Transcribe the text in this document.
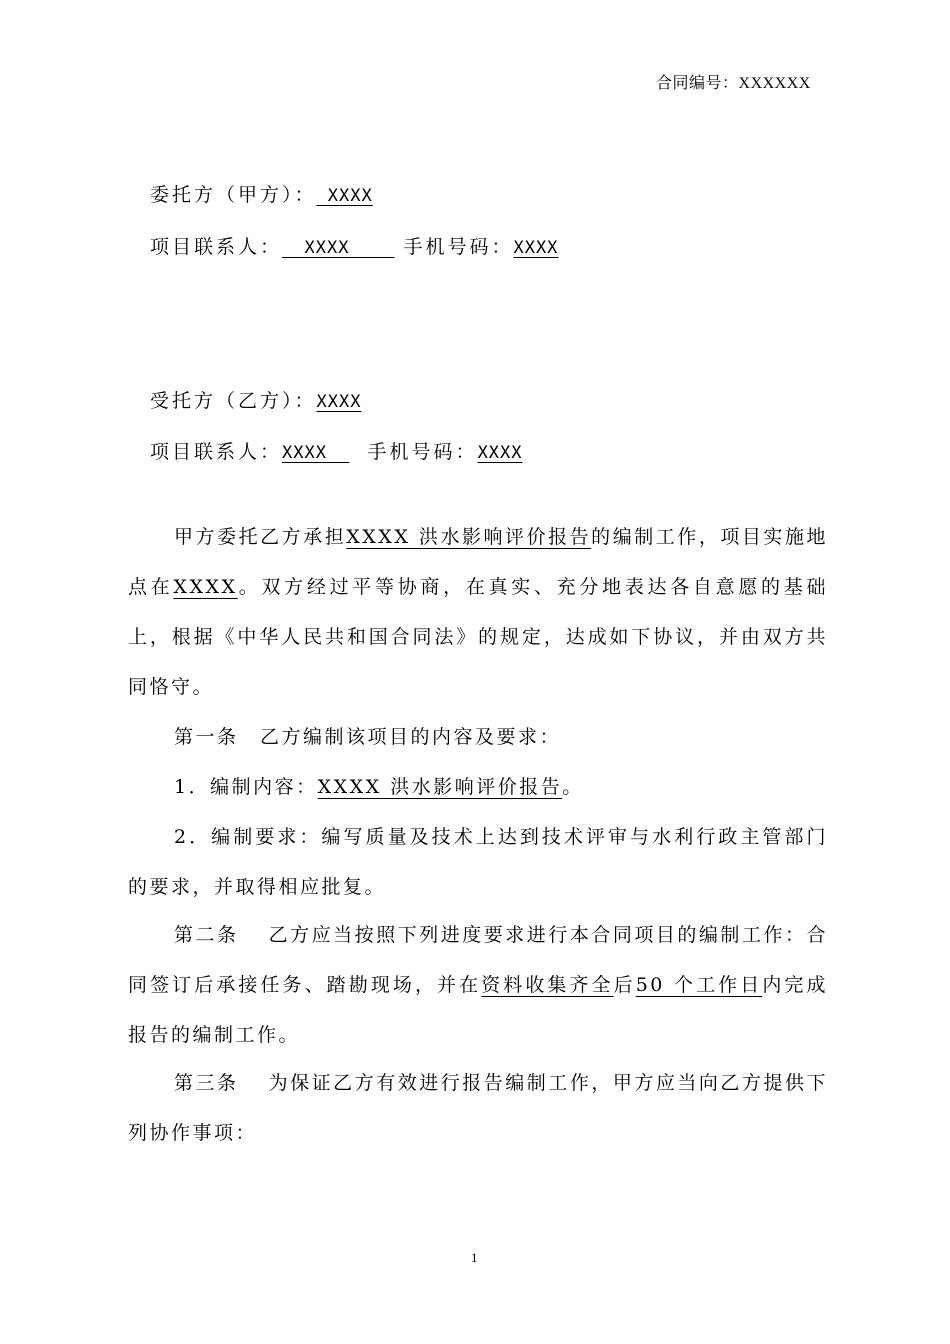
合同编号：XXXXXX
委托方（甲方）： XXXX
项目联系人： XXXX	手机号码：XXXX
受托方（乙方）：XXXX
项目联系人：XXXX 手机号码：XXXX
甲方委托乙方承担XXXX 洪水影响评价报告的编制工作，项目实施地点在XXXX。双方经过平等协商，在真实、充分地表达各自意愿的基础上，根据《中华人民共和国合同法》的规定，达成如下协议，并由双方共同恪守。
第一条　乙方编制该项目的内容及要求：
1．编制内容：XXXX 洪水影响评价报告。
2．编制要求：编写质量及技术上达到技术评审与水利行政主管部门的要求，并取得相应批复。
第二条　 乙方应当按照下列进度要求进行本合同项目的编制工作：合同签订后承接任务、踏勘现场，并在资料收集齐全后50 个工作日内完成报告的编制工作。
第三条　 为保证乙方有效进行报告编制工作，甲方应当向乙方提供下列协作事项：
1
